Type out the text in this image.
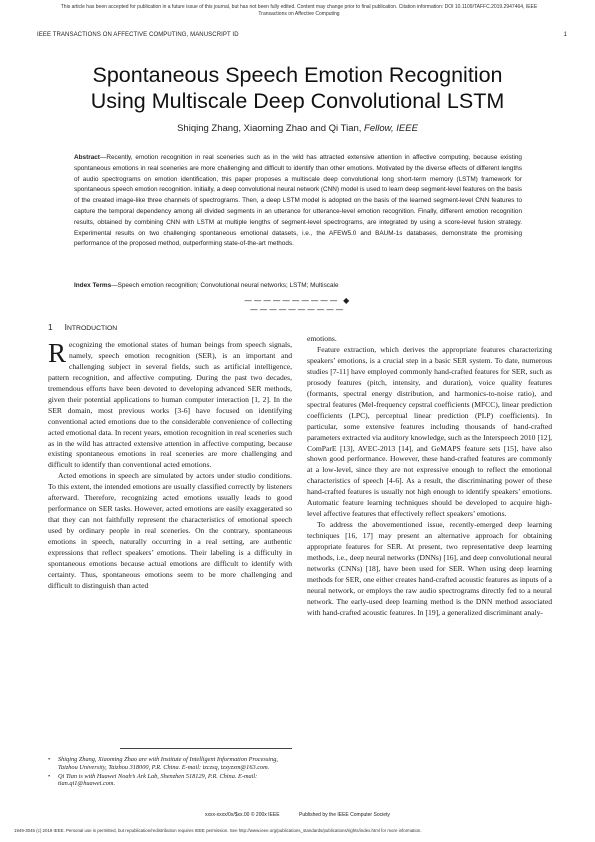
This article has been accepted for publication in a future issue of this journal, but has not been fully edited. Content may change prior to final publication. Citation information: DOI 10.1109/TAFFC.2019.2947464, IEEE
Transactions on Affective Computing
IEEE TRANSACTIONS ON AFFECTIVE COMPUTING, MANUSCRIPT ID	1
Spontaneous Speech Emotion Recognition
Using Multiscale Deep Convolutional LSTM
Shiqing Zhang, Xiaoming Zhao and Qi Tian, Fellow, IEEE
Abstract—Recently, emotion recognition in real sceneries such as in the wild has attracted extensive attention in affective computing, because existing spontaneous emotions in real sceneries are more challenging and difficult to identify than other emotions. Motivated by the diverse effects of different lengths of audio spectrograms on emotion identification, this paper proposes a multiscale deep convolutional long short-term memory (LSTM) framework for spontaneous speech emotion recognition. Initially, a deep convolutional neural network (CNN) model is used to learn deep segment-level features on the basis of the created image-like three channels of spectrograms. Then, a deep LSTM model is adopted on the basis of the learned segment-level CNN features to capture the temporal dependency among all divided segments in an utterance for utterance-level emotion recognition. Finally, different emotion recognition results, obtained by combining CNN with LSTM at multiple lengths of segment-level spectrograms, are integrated by using a score-level fusion strategy. Experimental results on two challenging spontaneous emotional datasets, i.e., the AFEW5.0 and BAUM-1s databases, demonstrate the promising performance of the proposed method, outperforming state-of-the-art methods.
Index Terms—Speech emotion recognition; Convolutional neural networks; LSTM; Multiscale
—————————— ◆ ——————————
1 INTRODUCTION

Recognizing the emotional states of human beings from speech signals, namely, speech emotion recognition (SER), is an important and challenging subject in several fields, such as artificial intelligence, pattern recognition, and affective computing. During the past two decades, tremendous efforts have been devoted to developing advanced SER methods, given their potential applications to human computer interaction [1, 2]. In the SER domain, most previous works [3-6] have focused on identifying conventional acted emotions due to the considerable convenience of collecting acted emotional data. In recent years, emotion recognition in real sceneries such as in the wild has attracted extensive attention in affective computing, because existing spontaneous emotions in real sceneries are more challenging and difficult to identify than conventional acted emotions.

Acted emotions in speech are simulated by actors under studio conditions. To this extent, the intended emotions are usually classified correctly by listeners afterward. Therefore, recognizing acted emotions usually leads to good performance on SER tasks. However, acted emotions are easily exaggerated so that they can not faithfully represent the characteristics of emotional speech used by ordinary people in real sceneries. On the contrary, spontaneous emotions in speech, naturally occurring in a real setting, are authentic expressions that reflect speakers’ emotions. Their labeling is a difficulty in spontaneous emotions because actual emotions are difficult to identify with certainty. Thus, spontaneous emotions seem to be more challenging and difficult to distinguish than acted

emotions.

Feature extraction, which derives the appropriate features characterizing speakers’ emotions, is a crucial step in a basic SER system. To date, numerous studies [7-11] have employed commonly hand-crafted features for SER, such as prosody features (pitch, intensity, and duration), voice quality features (formants, spectral energy distribution, and harmonics-to-noise ratio), and spectral features (Mel-frequency cepstral coefficients (MFCC), linear prediction coefficients (LPC), perceptual linear prediction (PLP) coefficients). In particular, some extensive features including thousands of hand-crafted parameters extracted via auditory knowledge, such as the Interspeech 2010 [12], ComParE [13], AVEC-2013 [14], and GeMAPS feature sets [15], have also shown good performance. However, these hand-crafted features are commonly at a low-level, since they are not expressive enough to reflect the emotional characteristics of speech [4-6]. As a result, the discriminating power of these hand-crafted features is usually not high enough to identify speakers’ emotions. Automatic feature learning techniques should be developed to acquire high-level affective features that effectively reflect speakers’ emotions.

To address the abovementioned issue, recently-emerged deep learning techniques [16, 17] may present an alternative approach for obtaining appropriate features for SER. At present, two representative deep learning methods, i.e., deep neural networks (DNNs) [16], and deep convolutional neural networks (CNNs) [18], have been used for SER. When using deep learning methods for SER, one either creates hand-crafted acoustic features as inputs of a neural network, or employs the raw audio spectrograms directly fed to a neural network. The early-used deep learning method is the DNN method associated with hand-crafted acoustic features. In [19], a generalized discriminant analy-

• Shiqing Zhang, Xiaoming Zhao are with Institute of Intelligent Information Processing, Taizhou University, Taizhou 318000, P.R. China. E-mail: tzczsq, tzxyzxm@163.com.
• Qi Tian is with Huawei Noah’s Ark Lab, Shenzhen 518129, P.R. China. E-mail: tian.qi1@huawei.com.
xxxx-xxxx/0x/$xx.00 © 200x IEEE	Published by the IEEE Computer Society
1949-3045 (c) 2019 IEEE. Personal use is permitted, but republication/redistribution requires IEEE permission. See http://www.ieee.org/publications_standards/publications/rights/index.html for more information.
